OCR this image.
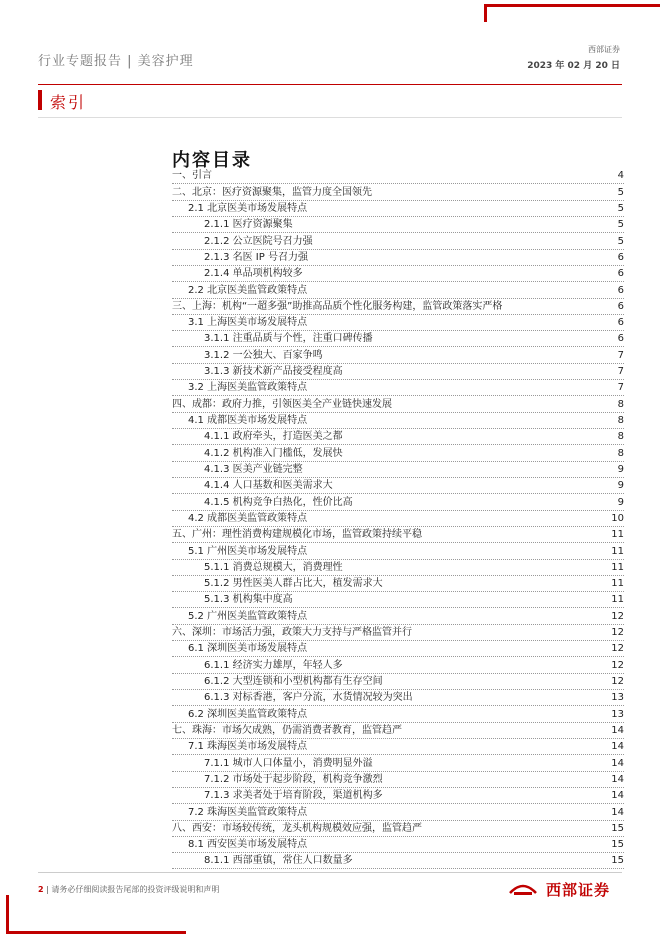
行业专题报告 | 美容护理
西部证券
2023 年 02 月 20 日
索引
内容目录
一、引言	4
二、北京：医疗资源聚集，监管力度全国领先	5
2.1 北京医美市场发展特点	5
2.1.1 医疗资源聚集	5
2.1.2 公立医院号召力强	5
2.1.3 名医 IP 号召力强	6
2.1.4 单品项机构较多	6
2.2 北京医美监管政策特点	6
三、上海：机构“一超多强”助推高品质个性化服务构建，监管政策落实严格	6
3.1 上海医美市场发展特点	6
3.1.1 注重品质与个性，注重口碑传播	6
3.1.2 一公独大、百家争鸣	7
3.1.3 新技术新产品接受程度高	7
3.2 上海医美监管政策特点	7
四、成都：政府力推，引领医美全产业链快速发展	8
4.1 成都医美市场发展特点	8
4.1.1 政府牵头，打造医美之都	8
4.1.2 机构准入门槛低，发展快	8
4.1.3 医美产业链完整	9
4.1.4 人口基数和医美需求大	9
4.1.5 机构竞争白热化，性价比高	9
4.2 成都医美监管政策特点	10
五、广州：理性消费构建规模化市场，监管政策持续平稳	11
5.1 广州医美市场发展特点	11
5.1.1 消费总规模大，消费理性	11
5.1.2 男性医美人群占比大，植发需求大	11
5.1.3 机构集中度高	11
5.2 广州医美监管政策特点	12
六、深圳：市场活力强，政策大力支持与严格监管并行	12
6.1 深圳医美市场发展特点	12
6.1.1 经济实力雄厚，年轻人多	12
6.1.2 大型连锁和小型机构都有生存空间	12
6.1.3 对标香港，客户分流，水货情况较为突出	13
6.2 深圳医美监管政策特点	13
七、珠海：市场欠成熟，仍需消费者教育，监管趋严	14
7.1 珠海医美市场发展特点	14
7.1.1 城市人口体量小，消费明显外溢	14
7.1.2 市场处于起步阶段，机构竞争激烈	14
7.1.3 求美者处于培育阶段，渠道机构多	14
7.2 珠海医美监管政策特点	14
八、西安：市场较传统，龙头机构规模效应强，监管趋严	15
8.1 西安医美市场发展特点	15
8.1.1 西部重镇，常住人口数量多	15
2 | 请务必仔细阅读报告尾部的投资评级说明和声明	西部证券
